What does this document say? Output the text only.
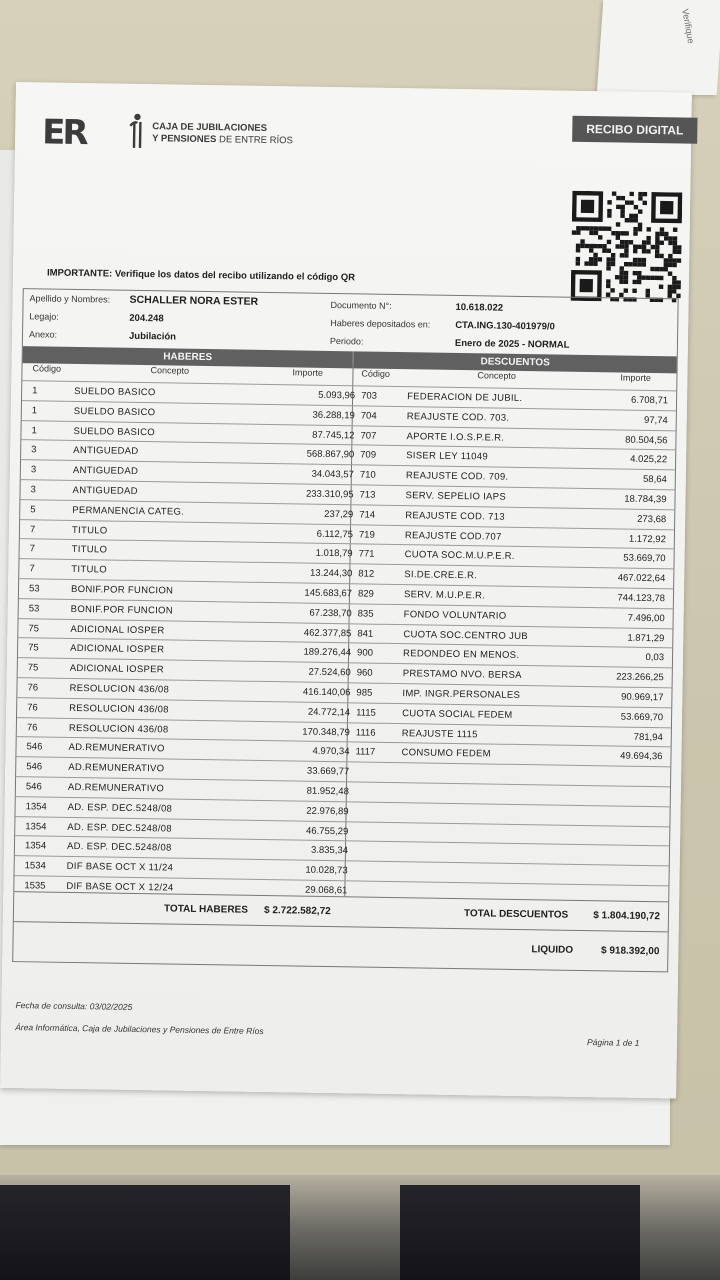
Verifique
ER	CAJA DE JUBILACIONES
Y PENSIONES DE ENTRE RÍOS
RECIBO DIGITAL
IMPORTANTE: Verifique los datos del recibo utilizando el código QR
Apellido y Nombres: SCHALLER NORA ESTER
Legajo:	204.248
Anexo:	Jubilación
Documento N°:	10.618.022
Haberes depositados en:	CTA.ING.130-401979/0
Periodo:	Enero de 2025 - NORMAL
HABERES	DESCUENTOS
Código	Concepto	Importe	Código	Concepto	Importe
1	SUELDO BASICO	5.093,96 703	FEDERACION DE JUBIL.	6.708,71
1	SUELDO BASICO	36.288,19 704	REAJUSTE COD. 703.	97,74
1	SUELDO BASICO	87.745,12 707	APORTE I.O.S.P.E.R.	80.504,56
3	ANTIGUEDAD	568.867,90 709	SISER LEY 11049	4.025,22
3	ANTIGUEDAD	34.043,57 710	REAJUSTE COD. 709.	58,64
3	ANTIGUEDAD	233.310,95 713	SERV. SEPELIO IAPS	18.784,39
5	PERMANENCIA CATEG.	237,29 714	REAJUSTE COD. 713	273,68
7	TITULO	6.112,75 719	REAJUSTE COD.707	1.172,92
7	TITULO	1.018,79 771	CUOTA SOC.M.U.P.E.R.	53.669,70
7	TITULO	13.244,30 812	SI.DE.CRE.E.R.	467.022,64
53	BONIF.POR FUNCION	145.683,67 829	SERV. M.U.P.E.R.	744.123,78
53	BONIF.POR FUNCION	67.238,70 835	FONDO VOLUNTARIO	7.496,00
75	ADICIONAL IOSPER	462.377,85 841	CUOTA SOC.CENTRO JUB	1.871,29
75	ADICIONAL IOSPER	189.276,44 900	REDONDEO EN MENOS.	0,03
75	ADICIONAL IOSPER	27.524,60 960	PRESTAMO NVO. BERSA	223.266,25
76	RESOLUCION 436/08	416.140,06 985	IMP. INGR.PERSONALES	90.969,17
76	RESOLUCION 436/08	24.772,14 1115	CUOTA SOCIAL FEDEM	53.669,70
76	RESOLUCION 436/08	170.348,79 1116	REAJUSTE 1115	781,94
546	AD.REMUNERATIVO	4.970,34 1117	CONSUMO FEDEM	49.694,36
546	AD.REMUNERATIVO	33.669,77
546	AD.REMUNERATIVO	81.952,48
1354 AD. ESP. DEC.5248/08	22.976,89
1354 AD. ESP. DEC.5248/08	46.755,29
1354 AD. ESP. DEC.5248/08	3.835,34
1534 DIF BASE OCT X 11/24	10.028,73
1535 DIF BASE OCT X 12/24	29.068,61
TOTAL HABERES $ 2.722.582,72	TOTAL DESCUENTOS $ 1.804.190,72
LIQUIDO	$ 918.392,00
Fecha de consulta: 03/02/2025
Área Informática, Caja de Jubilaciones y Pensiones de Entre Ríos
Página 1 de 1
